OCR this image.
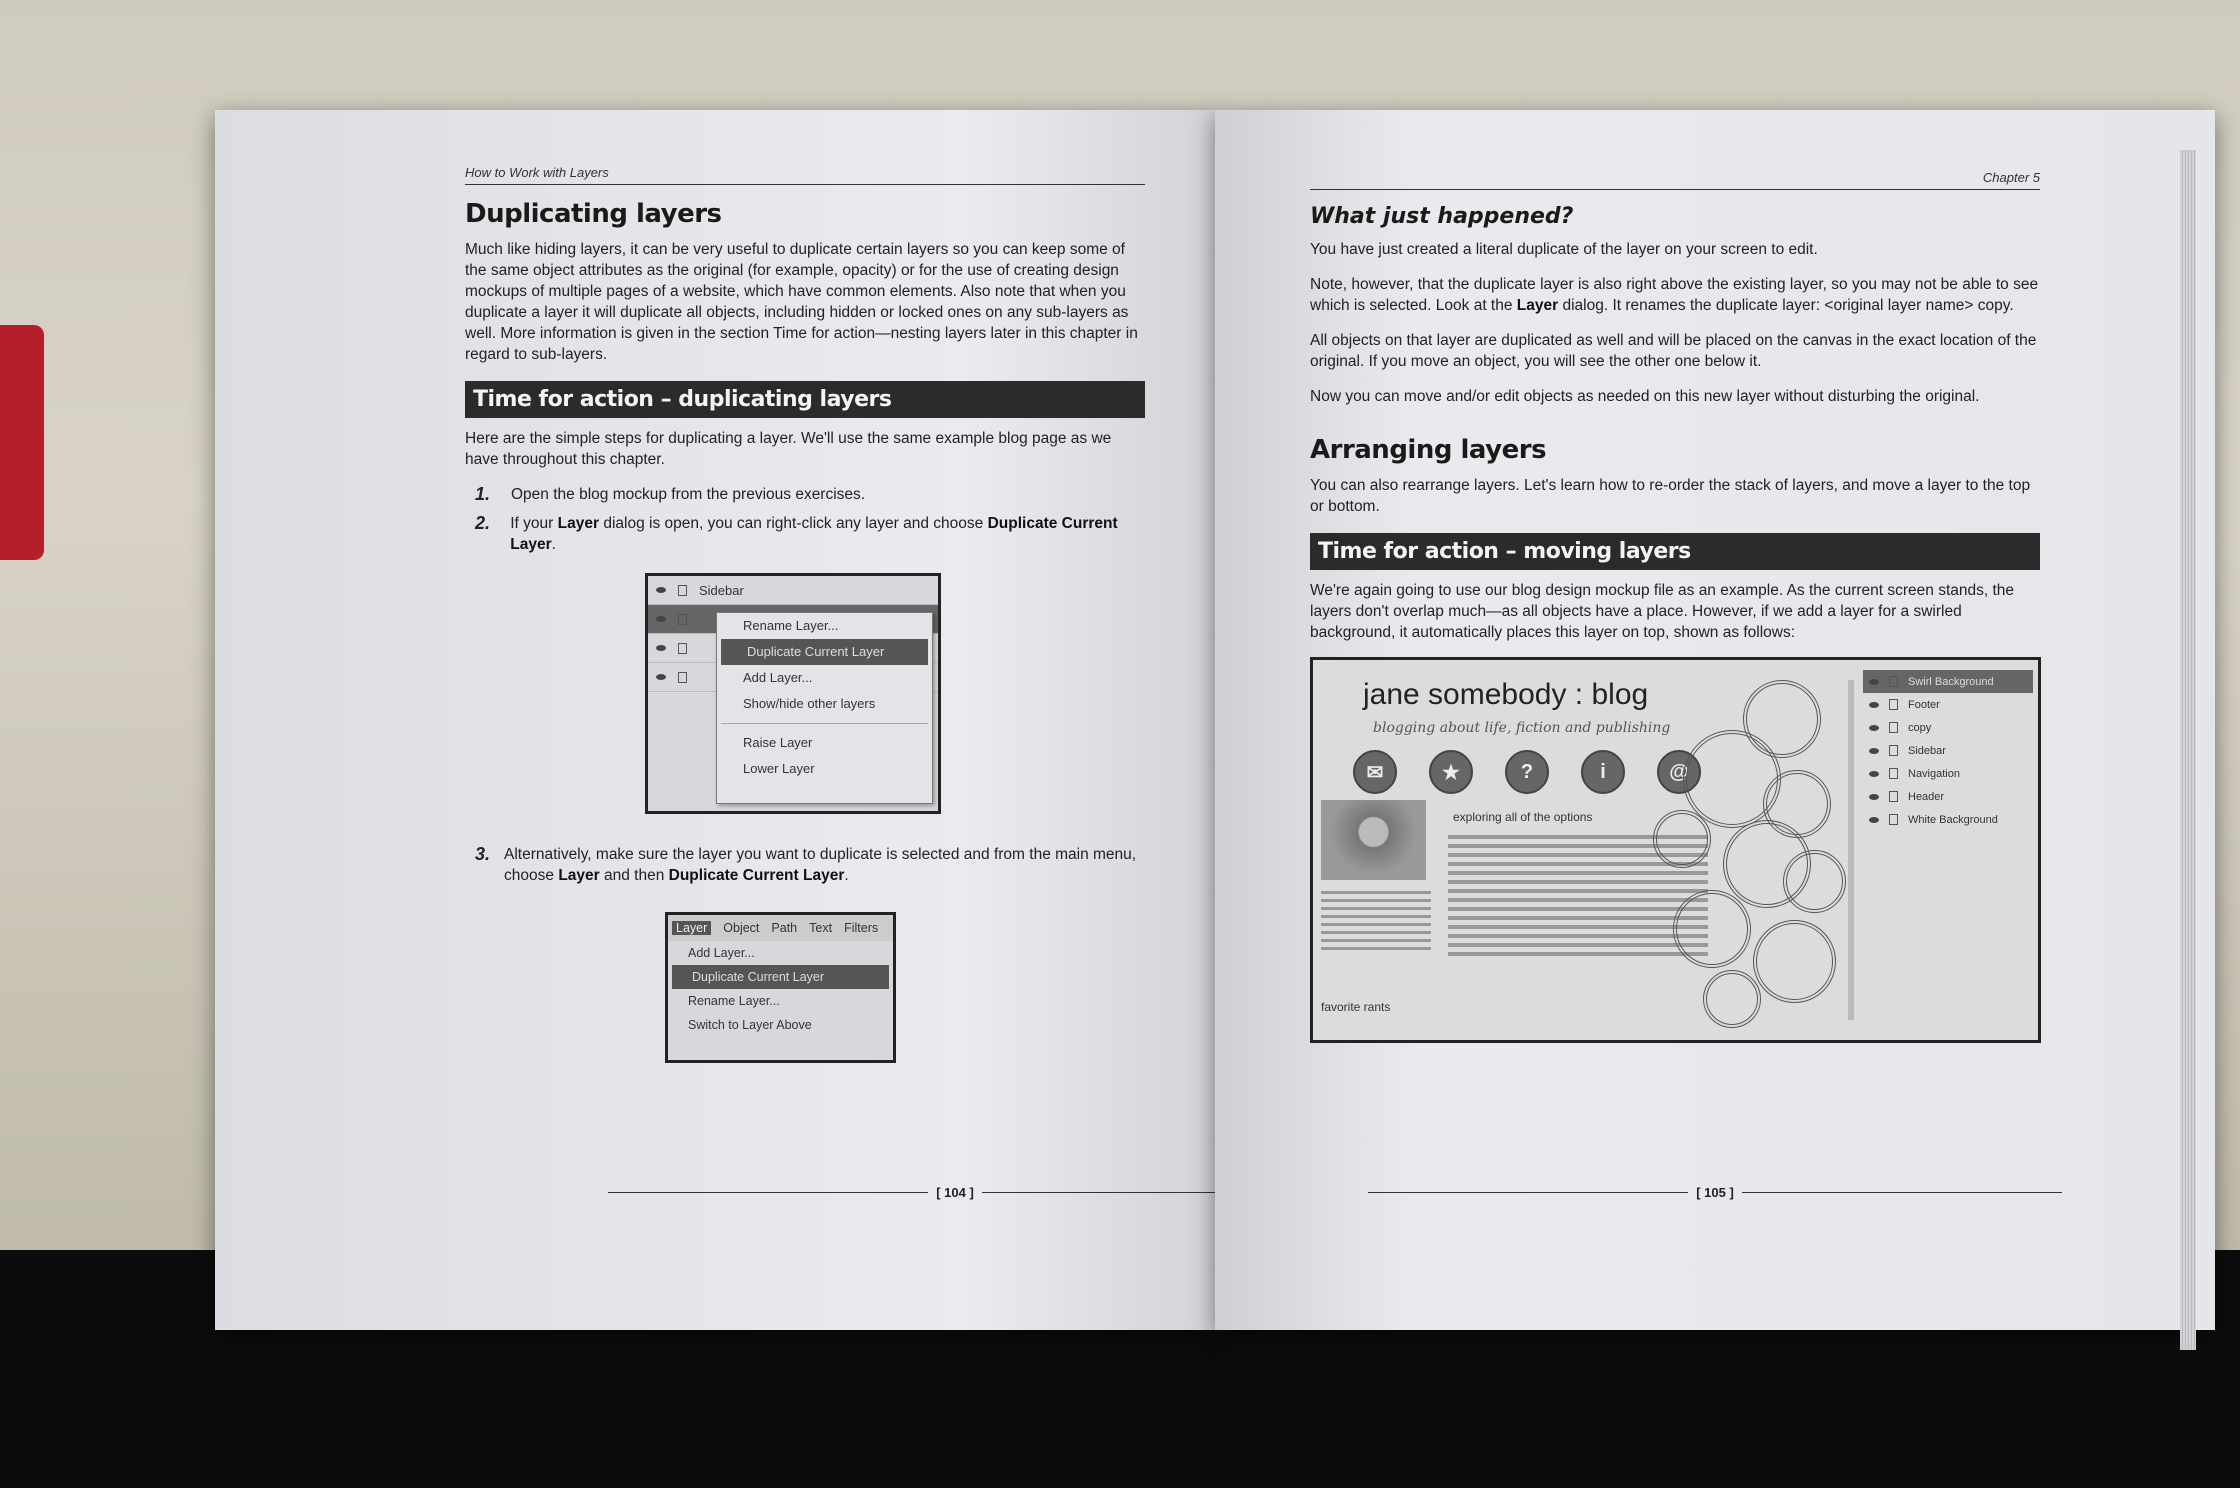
How to Work with Layers
Duplicating layers

Much like hiding layers, it can be very useful to duplicate certain layers so you can keep some of the same object attributes as the original (for example, opacity) or for the use of creating design mockups of multiple pages of a website, which have common elements. Also note that when you duplicate a layer it will duplicate all objects, including hidden or locked ones on any sub-layers as well. More information is given in the section Time for action—nesting layers later in this chapter in regard to sub-layers.

Time for action – duplicating layers

Here are the simple steps for duplicating a layer. We'll use the same example blog page as we have throughout this chapter.

1.	Open the blog mockup from the previous exercises.
2.	If your Layer dialog is open, you can right-click any layer and choose Duplicate Current Layer.
Sidebar
Rename Layer...
Duplicate Current Layer
Add Layer...
Show/hide other layers
Raise Layer
Lower Layer
3. Alternatively, make sure the layer you want to duplicate is selected and from the main menu, choose Layer and then Duplicate Current Layer.
Layer	Object Path Text Filters
Add Layer...
Duplicate Current Layer
Rename Layer...
Switch to Layer Above
[ 104 ]
Chapter 5
What just happened?

You have just created a literal duplicate of the layer on your screen to edit.

Note, however, that the duplicate layer is also right above the existing layer, so you may not be able to see which is selected. Look at the Layer dialog. It renames the duplicate layer: <original layer name> copy.

All objects on that layer are duplicated as well and will be placed on the canvas in the exact location of the original. If you move an object, you will see the other one below it.

Now you can move and/or edit objects as needed on this new layer without disturbing the original.

Arranging layers

You can also rearrange layers. Let's learn how to re-order the stack of layers, and move a layer to the top or bottom.

Time for action – moving layers

We're again going to use our blog design mockup file as an example. As the current screen stands, the layers don't overlap much—as all objects have a place. However, if we add a layer for a swirled background, it automatically places this layer on top, shown as follows:

jane somebody : blog
blogging about life, fiction and publishing
✉	★	?	i	@
exploring all of the options
favorite rants
Swirl Background
Footer
copy
Sidebar
Navigation
Header
White Background
[ 105 ]
